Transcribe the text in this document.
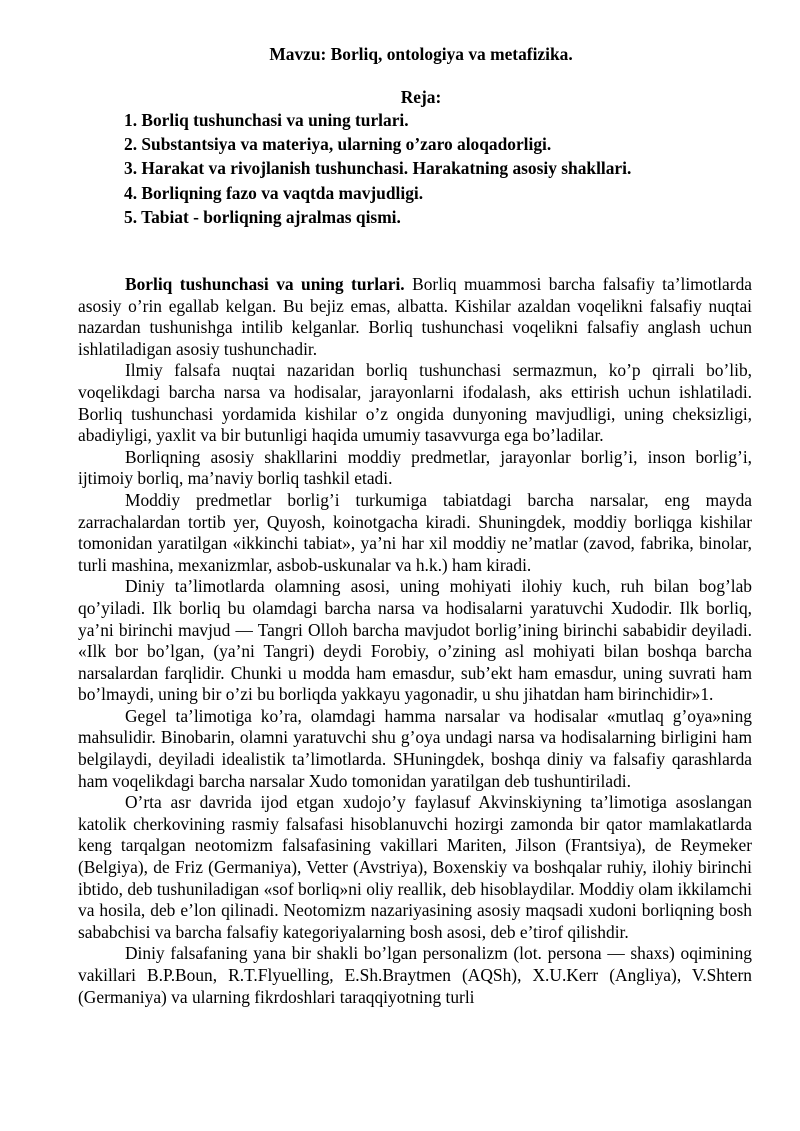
Mavzu: Borliq, ontologiya va metafizika.
Reja:
1. Borliq tushunchasi va uning turlari.
2. Substantsiya va materiya, ularning o’zaro aloqadorligi.
3. Harakat va rivojlanish tushunchasi. Harakatning asosiy shakllari.
4. Borliqning fazo va vaqtda mavjudligi.
5. Tabiat - borliqning ajralmas qismi.

Borliq tushunchasi va uning turlari. Borliq muammosi barcha falsafiy ta’limotlarda asosiy o’rin egallab kelgan. Bu bejiz emas, albatta. Kishilar azaldan voqelikni falsafiy nuqtai nazardan tushunishga intilib kelganlar. Borliq tushunchasi voqelikni falsafiy anglash uchun ishlatiladigan asosiy tushunchadir.

Ilmiy falsafa nuqtai nazaridan borliq tushunchasi sermazmun, ko’p qirrali bo’lib, voqelikdagi barcha narsa va hodisalar, jarayonlarni ifodalash, aks ettirish uchun ishlatiladi. Borliq tushunchasi yordamida kishilar o’z ongida dunyoning mavjudligi, uning cheksizligi, abadiyligi, yaxlit va bir butunligi haqida umumiy tasavvurga ega bo’ladilar.

Borliqning asosiy shakllarini moddiy predmetlar, jarayonlar borlig’i, inson borlig’i, ijtimoiy borliq, ma’naviy borliq tashkil etadi.

Moddiy predmetlar borlig’i turkumiga tabiatdagi barcha narsalar, eng mayda zarrachalardan tortib yer, Quyosh, koinotgacha kiradi. Shuningdek, moddiy borliqga kishilar tomonidan yaratilgan «ikkinchi tabiat», ya’ni har xil moddiy ne’matlar (zavod, fabrika, binolar, turli mashina, mexanizmlar, asbob-uskunalar va h.k.) ham kiradi.

Diniy ta’limotlarda olamning asosi, uning mohiyati ilohiy kuch, ruh bilan bog’lab qo’yiladi. Ilk borliq bu olamdagi barcha narsa va hodisalarni yaratuvchi Xudodir. Ilk borliq, ya’ni birinchi mavjud — Tangri Olloh barcha mavjudot borlig’ining birinchi sababidir deyiladi. «Ilk bor bo’lgan, (ya’ni Tangri) deydi Forobiy, o’zining asl mohiyati bilan boshqa barcha narsalardan farqlidir. Chunki u modda ham emasdur, sub’ekt ham emasdur, uning suvrati ham bo’lmaydi, uning bir o’zi bu borliqda yakkayu yagonadir, u shu jihatdan ham birinchidir»1.

Gegel ta’limotiga ko’ra, olamdagi hamma narsalar va hodisalar «mutlaq g’oya»ning mahsulidir. Binobarin, olamni yaratuvchi shu g’oya undagi narsa va hodisalarning birligini ham belgilaydi, deyiladi idealistik ta’limotlarda. SHuningdek, boshqa diniy va falsafiy qarashlarda ham voqelikdagi barcha narsalar Xudo tomonidan yaratilgan deb tushuntiriladi.

O’rta asr davrida ijod etgan xudojo’y faylasuf Akvinskiyning ta’limotiga asoslangan katolik cherkovining rasmiy falsafasi hisoblanuvchi hozirgi zamonda bir qator mamlakatlarda keng tarqalgan neotomizm falsafasining vakillari Mariten, Jilson (Frantsiya), de Reymeker (Belgiya), de Friz (Germaniya), Vetter (Avstriya), Boxenskiy va boshqalar ruhiy, ilohiy birinchi ibtido, deb tushuniladigan «sof borliq»ni oliy reallik, deb hisoblaydilar. Moddiy olam ikkilamchi va hosila, deb e’lon qilinadi. Neotomizm nazariyasining asosiy maqsadi xudoni borliqning bosh sababchisi va barcha falsafiy kategoriyalarning bosh asosi, deb e’tirof qilishdir.

Diniy falsafaning yana bir shakli bo’lgan personalizm (lot. persona — shaxs) oqimining vakillari B.P.Boun, R.T.Flyuelling, E.Sh.Braytmen (AQSh), X.U.Kerr (Angliya), V.Shtern (Germaniya) va ularning fikrdoshlari taraqqiyotning turli
